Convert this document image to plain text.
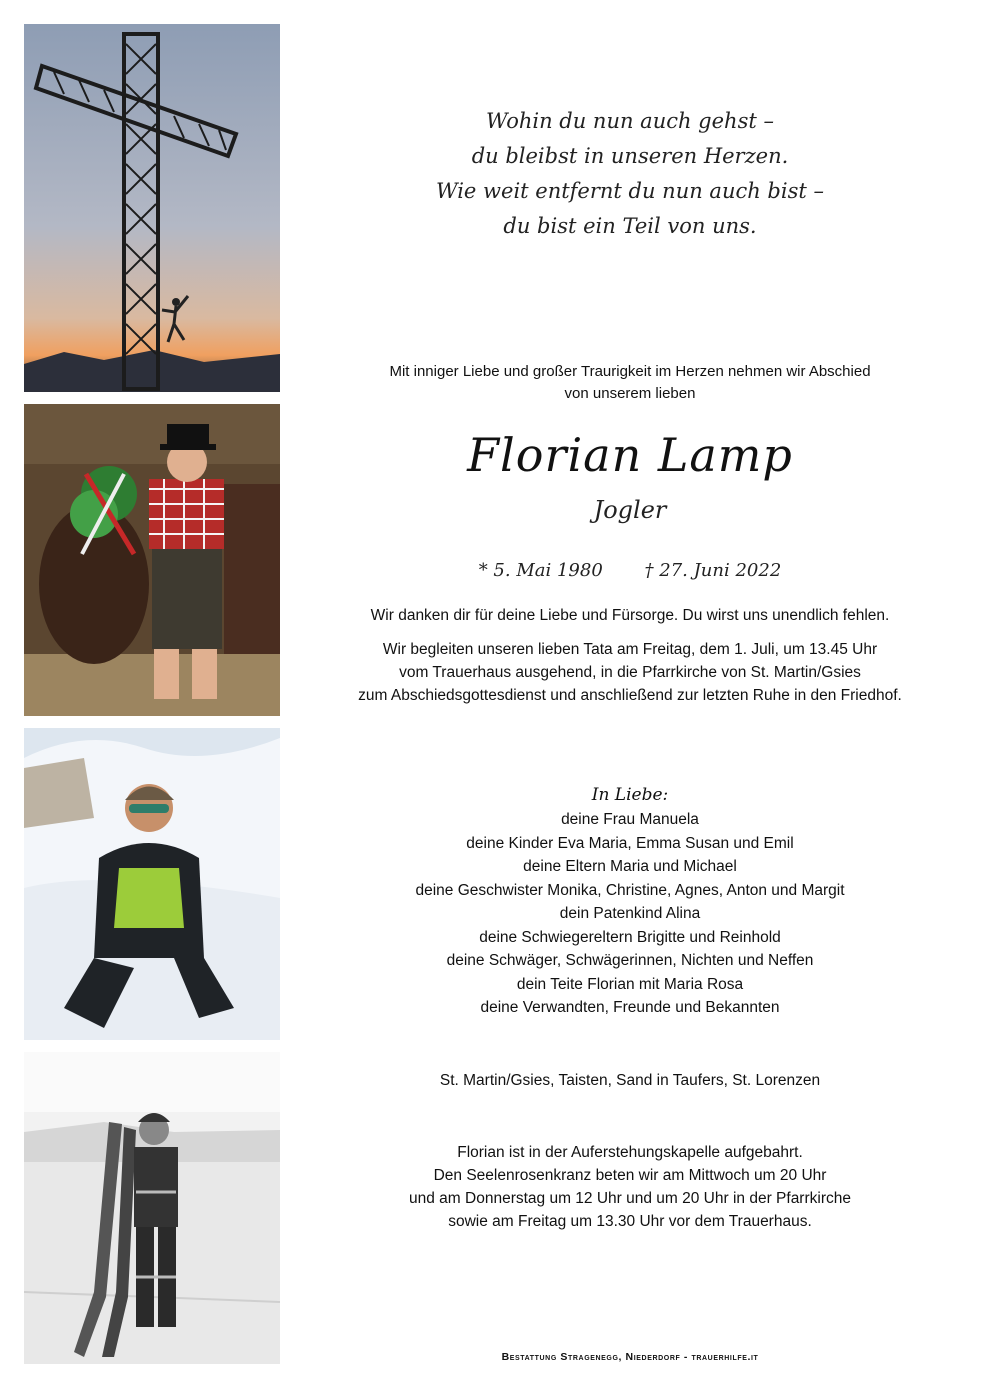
Wohin du nun auch gehst –
du bleibst in unseren Herzen.
Wie weit entfernt du nun auch bist –
du bist ein Teil von uns.
Mit inniger Liebe und großer Traurigkeit im Herzen nehmen wir Abschied
von unserem lieben
Florian Lamp
Jogler
* 5. Mai 1980 † 27. Juni 2022
Wir danken dir für deine Liebe und Fürsorge. Du wirst uns unendlich fehlen.
Wir begleiten unseren lieben Tata am Freitag, dem 1. Juli, um 13.45 Uhr
vom Trauerhaus ausgehend, in die Pfarrkirche von St. Martin/Gsies
zum Abschiedsgottesdienst und anschließend zur letzten Ruhe in den Friedhof.
In Liebe:
deine Frau Manuela
deine Kinder Eva Maria, Emma Susan und Emil
deine Eltern Maria und Michael
deine Geschwister Monika, Christine, Agnes, Anton und Margit
dein Patenkind Alina
deine Schwiegereltern Brigitte und Reinhold
deine Schwäger, Schwägerinnen, Nichten und Neffen
dein Teite Florian mit Maria Rosa
deine Verwandten, Freunde und Bekannten
St. Martin/Gsies, Taisten, Sand in Taufers, St. Lorenzen
Florian ist in der Auferstehungskapelle aufgebahrt.
Den Seelenrosenkranz beten wir am Mittwoch um 20 Uhr
und am Donnerstag um 12 Uhr und um 20 Uhr in der Pfarrkirche
sowie am Freitag um 13.30 Uhr vor dem Trauerhaus.
Bestattung Stragenegg, Niederdorf - trauerhilfe.it
